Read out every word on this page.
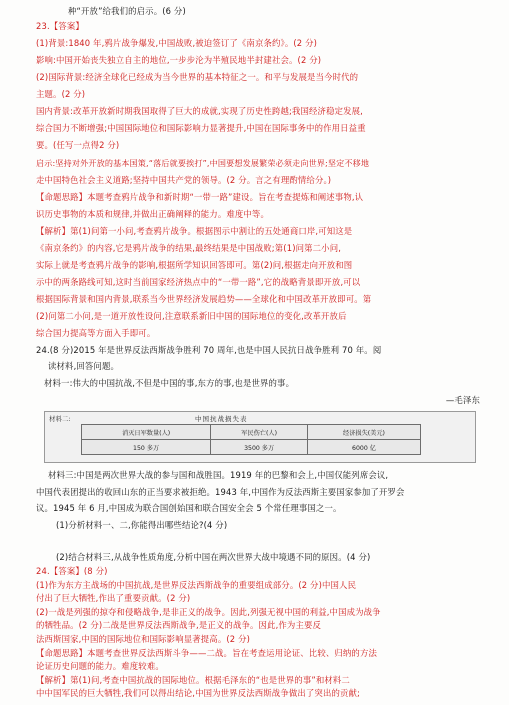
种“开放”给我们的启示。(6 分)
23.【答案】
(1)背景:1840 年,鸦片战争爆发,中国战败,被迫签订了《南京条约》。(2 分)
影响:中国开始丧失独立自主的地位,一步步沦为半殖民地半封建社会。(2 分)
(2)国际背景:经济全球化已经成为当今世界的基本特征之一。和平与发展是当今时代的
主题。(2 分)
国内背景:改革开放新时期我国取得了巨大的成就,实现了历史性跨越;我国经济稳定发展,
综合国力不断增强;中国国际地位和国际影响力显著提升,中国在国际事务中的作用日益重
要。(任写一点得2 分)
启示:坚持对外开放的基本国策,“落后就要挨打”,中国要想发展繁荣必须走向世界;坚定不移地
走中国特色社会主义道路;坚持中国共产党的领导。(2 分。言之有理酌情给分。)
【命题思路】本题考查鸦片战争和新时期“一带一路”建设。旨在考查提炼和阐述事物,认
识历史事物的本质和规律,并做出正确阐释的能力。难度中等。
【解析】第(1)问第一小问,考查鸦片战争。根据图示中割让的五处通商口岸,可知这是
《南京条约》的内容,它是鸦片战争的结果,最终结果是中国战败;第(1)问第二小问,
实际上就是考查鸦片战争的影响,根据所学知识回答即可。第(2)问,根据走向开放和图
示中的两条路线可知,这时当前国家经济热点中的“一带一路”,它的战略背景即开放,可以
根据国际背景和国内背景,联系当今世界经济发展趋势——全球化和中国改革开放即可。第
(2)问第二小问,是一道开放性设问,注意联系新旧中国的国际地位的变化,改革开放后
综合国力提高等方面入手即可。
24.(8 分)2015 年是世界反法西斯战争胜利 70 周年,也是中国人民抗日战争胜利 70 年。阅
读材料,回答问题。
材料一:伟大的中国抗战,不但是中国的事,东方的事,也是世界的事。
—毛泽东
材料二:	中国抗战损失表
消灭日军数量(人)	军民伤亡(人)	经济损失(美元)
150 多万	3500 多万	6000 亿
材料三:中国是两次世界大战的参与国和战胜国。1919 年的巴黎和会上,中国仅能列席会议,
中国代表团提出的收回山东的正当要求被拒绝。1943 年,中国作为反法西斯主要国家参加了开罗会
议。1945 年 6 月,中国成为联合国创始国和联合国安全会 5 个常任理事国之一。
(1)分析材料一、二,你能得出哪些结论?(4 分)
(2)结合材料三,从战争性质角度,分析中国在两次世界大战中境遇不同的原因。(4 分)
24.【答案】(8 分)
(1)作为东方主战场的中国抗战,是世界反法西斯战争的重要组成部分。(2 分)中国人民
付出了巨大牺牲,作出了重要贡献。(2 分)
(2)一战是列强的掠夺和侵略战争,是非正义的战争。因此,列强无视中国的利益,中国成为战争
的牺牲品。(2 分)二战是世界反法西斯战争,是正义的战争。因此,作为主要反
法西斯国家,中国的国际地位和国际影响显著提高。(2 分)
【命题思路】本题考查世界反法西斯斗争——二战。旨在考查运用论证、比较、归纳的方法
论证历史问题的能力。难度较难。
【解析】第(1)问,考查中国抗战的国际地位。根据毛泽东的“也是世界的事”和材料二
中中国军民的巨大牺牲,我们可以得出结论,中国为世界反法西斯战争做出了突出的贡献;
